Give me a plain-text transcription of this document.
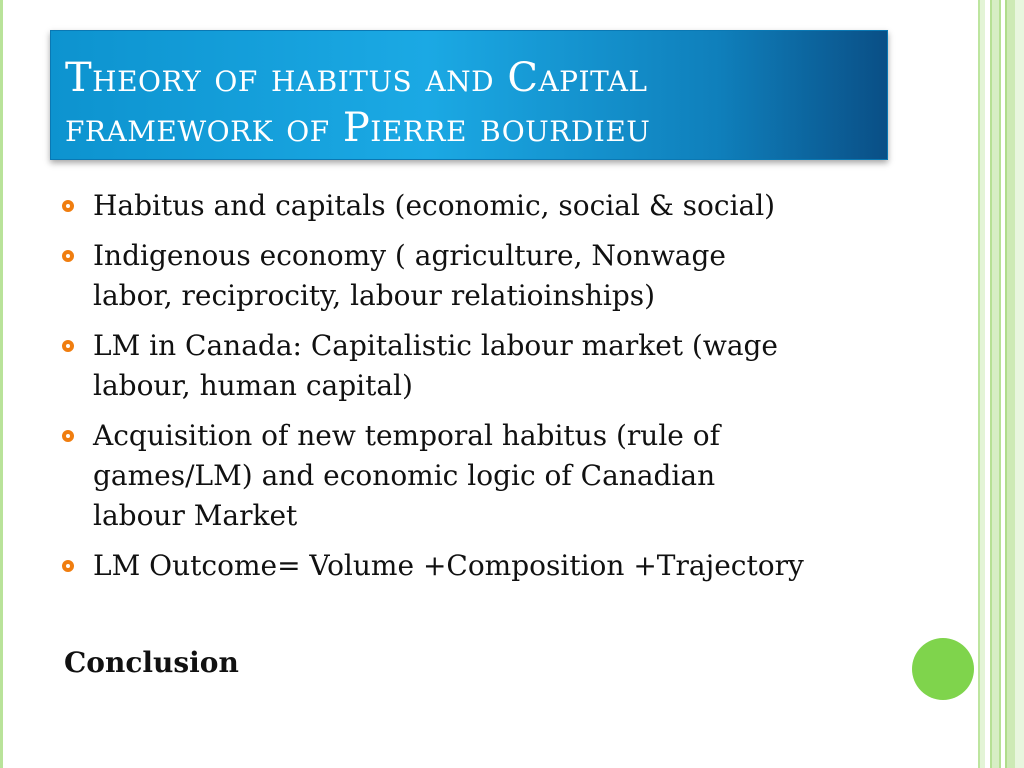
Theory of habitus and Capital
framework of Pierre bourdieu
Habitus and capitals (economic, social & social)
Indigenous economy ( agriculture, Nonwage
labor, reciprocity, labour relatioinships)
LM in Canada: Capitalistic labour market (wage
labour, human capital)
Acquisition of new temporal habitus (rule of
games/LM) and economic logic of Canadian
labour Market
LM Outcome= Volume +Composition +Trajectory
Conclusion
